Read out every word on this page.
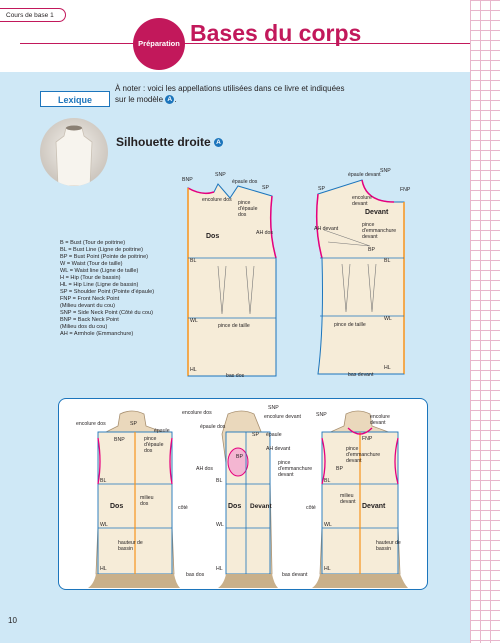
Cours de base 1
Préparation Bases du corps
Lexique
À noter : voici les appellations utilisées dans ce livre et indiquées sur le modèle A .
Silhouette droite A
B = Bust (Tour de poitrine)
BL = Bust Line (Ligne de poitrine)
BP = Bust Point (Pointe de poitrine)
W = Waist (Tour de taille)
WL = Waist line (Ligne de taille)
H = Hip (Tour de bassin)
HL = Hip Line (Ligne de bassin)
SP = Shoulder Point (Pointe d'épaule)
FNP = Front Neck Point
(Milieu devant du cou)
SNP = Side Neck Point (Côté du cou)
BNP = Back Neck Point
(Milieu dos du cou)
AH = Armhole (Emmanchure)
BNP
SNP
épaule dos
SP
encolure dos pince d'épaule dos
Dos	AH dos
BL
WL
HL
pince de taille
bas dos
épaule devant
SNP
SP	FNP
encolure devant
Devant
pince d'emmanchure devant
AH devant
BP
BL
WL
HL
pince de taille
bas devant
encolure dos	SP
épaule
BNP	pince d'épaule dos
BL
WL
HL
Dos
milieu dos
hauteur de bassin
encolure dos
épaule dos
SNP
encolure devant
épaule
SP
AH devant
AH dos
pince d'emmanchure devant
BP
Dos Devant
BL
WL
HL
côté
bas dos	bas devant
SNP	encolure devant
FNP
pince d'emmanchure devant
BP
BL
WL
HL
Devant
milieu devant
côté
hauteur de bassin
10
